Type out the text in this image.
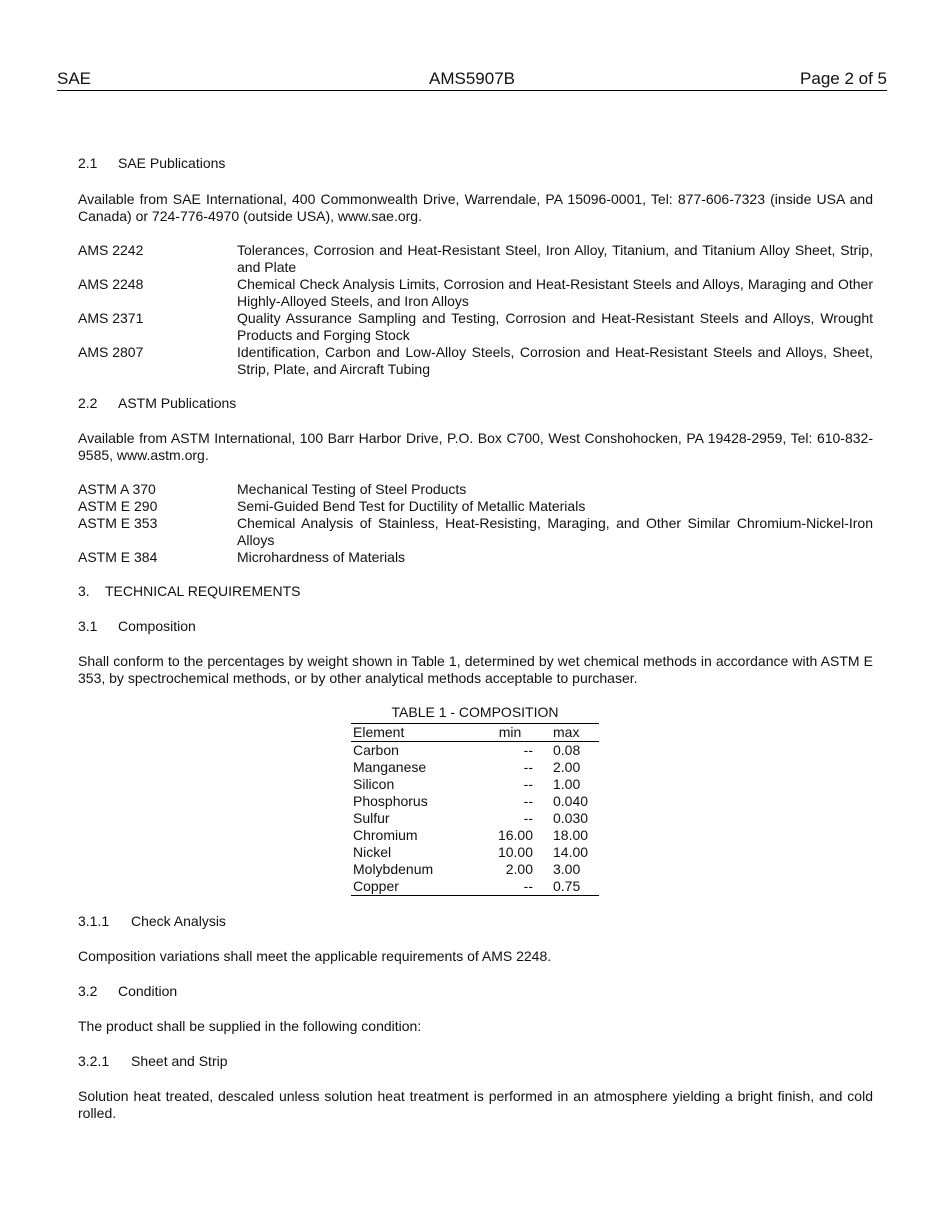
SAE	AMS5907B	Page 2 of 5

2.1 SAE Publications

Available from SAE International, 400 Commonwealth Drive, Warrendale, PA 15096-0001, Tel: 877-606-7323 (inside USA and Canada) or 724-776-4970 (outside USA), www.sae.org.

AMS 2242	Tolerances, Corrosion and Heat-Resistant Steel, Iron Alloy, Titanium, and Titanium Alloy Sheet, Strip, and Plate
AMS 2248	Chemical Check Analysis Limits, Corrosion and Heat-Resistant Steels and Alloys, Maraging and Other Highly-Alloyed Steels, and Iron Alloys
AMS 2371	Quality Assurance Sampling and Testing, Corrosion and Heat-Resistant Steels and Alloys, Wrought Products and Forging Stock
AMS 2807	Identification, Carbon and Low-Alloy Steels, Corrosion and Heat-Resistant Steels and Alloys, Sheet, Strip, Plate, and Aircraft Tubing

2.2 ASTM Publications

Available from ASTM International, 100 Barr Harbor Drive, P.O. Box C700, West Conshohocken, PA 19428-2959, Tel: 610-832-9585, www.astm.org.

ASTM A 370	Mechanical Testing of Steel Products
ASTM E 290	Semi-Guided Bend Test for Ductility of Metallic Materials
ASTM E 353	Chemical Analysis of Stainless, Heat-Resisting, Maraging, and Other Similar Chromium-Nickel-Iron Alloys
ASTM E 384	Microhardness of Materials

3. TECHNICAL REQUIREMENTS

3.1 Composition

Shall conform to the percentages by weight shown in Table 1, determined by wet chemical methods in accordance with ASTM E 353, by spectrochemical methods, or by other analytical methods acceptable to purchaser.

TABLE 1 - COMPOSITION
Element	min	max
Carbon	--	0.08
Manganese	--	2.00
Silicon	--	1.00
Phosphorus	--	0.040
Sulfur	--	0.030
Chromium	16.00	18.00
Nickel	10.00	14.00
Molybdenum	2.00	3.00
Copper	--	0.75

3.1.1 Check Analysis

Composition variations shall meet the applicable requirements of AMS 2248.

3.2 Condition

The product shall be supplied in the following condition:

3.2.1 Sheet and Strip

Solution heat treated, descaled unless solution heat treatment is performed in an atmosphere yielding a bright finish, and cold rolled.
